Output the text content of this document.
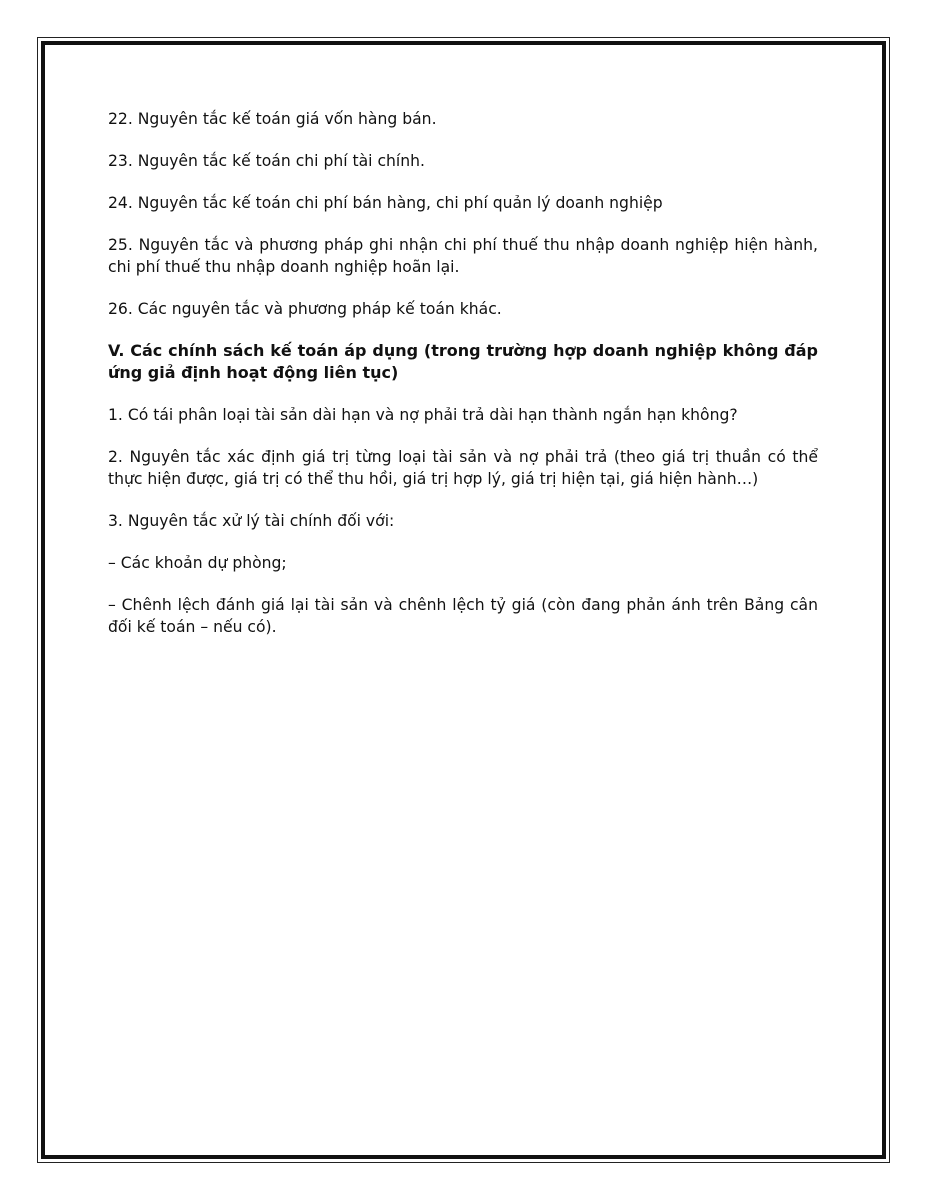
22. Nguyên tắc kế toán giá vốn hàng bán.

23. Nguyên tắc kế toán chi phí tài chính.

24. Nguyên tắc kế toán chi phí bán hàng, chi phí quản lý doanh nghiệp

25. Nguyên tắc và phương pháp ghi nhận chi phí thuế thu nhập doanh nghiệp hiện hành, chi phí thuế thu nhập doanh nghiệp hoãn lại.

26. Các nguyên tắc và phương pháp kế toán khác.

V. Các chính sách kế toán áp dụng (trong trường hợp doanh nghiệp không đáp ứng giả định hoạt động liên tục)

1. Có tái phân loại tài sản dài hạn và nợ phải trả dài hạn thành ngắn hạn không?

2. Nguyên tắc xác định giá trị từng loại tài sản và nợ phải trả (theo giá trị thuần có thể thực hiện được, giá trị có thể thu hồi, giá trị hợp lý, giá trị hiện tại, giá hiện hành…)

3. Nguyên tắc xử lý tài chính đối với:

– Các khoản dự phòng;

– Chênh lệch đánh giá lại tài sản và chênh lệch tỷ giá (còn đang phản ánh trên Bảng cân đối kế toán – nếu có).
